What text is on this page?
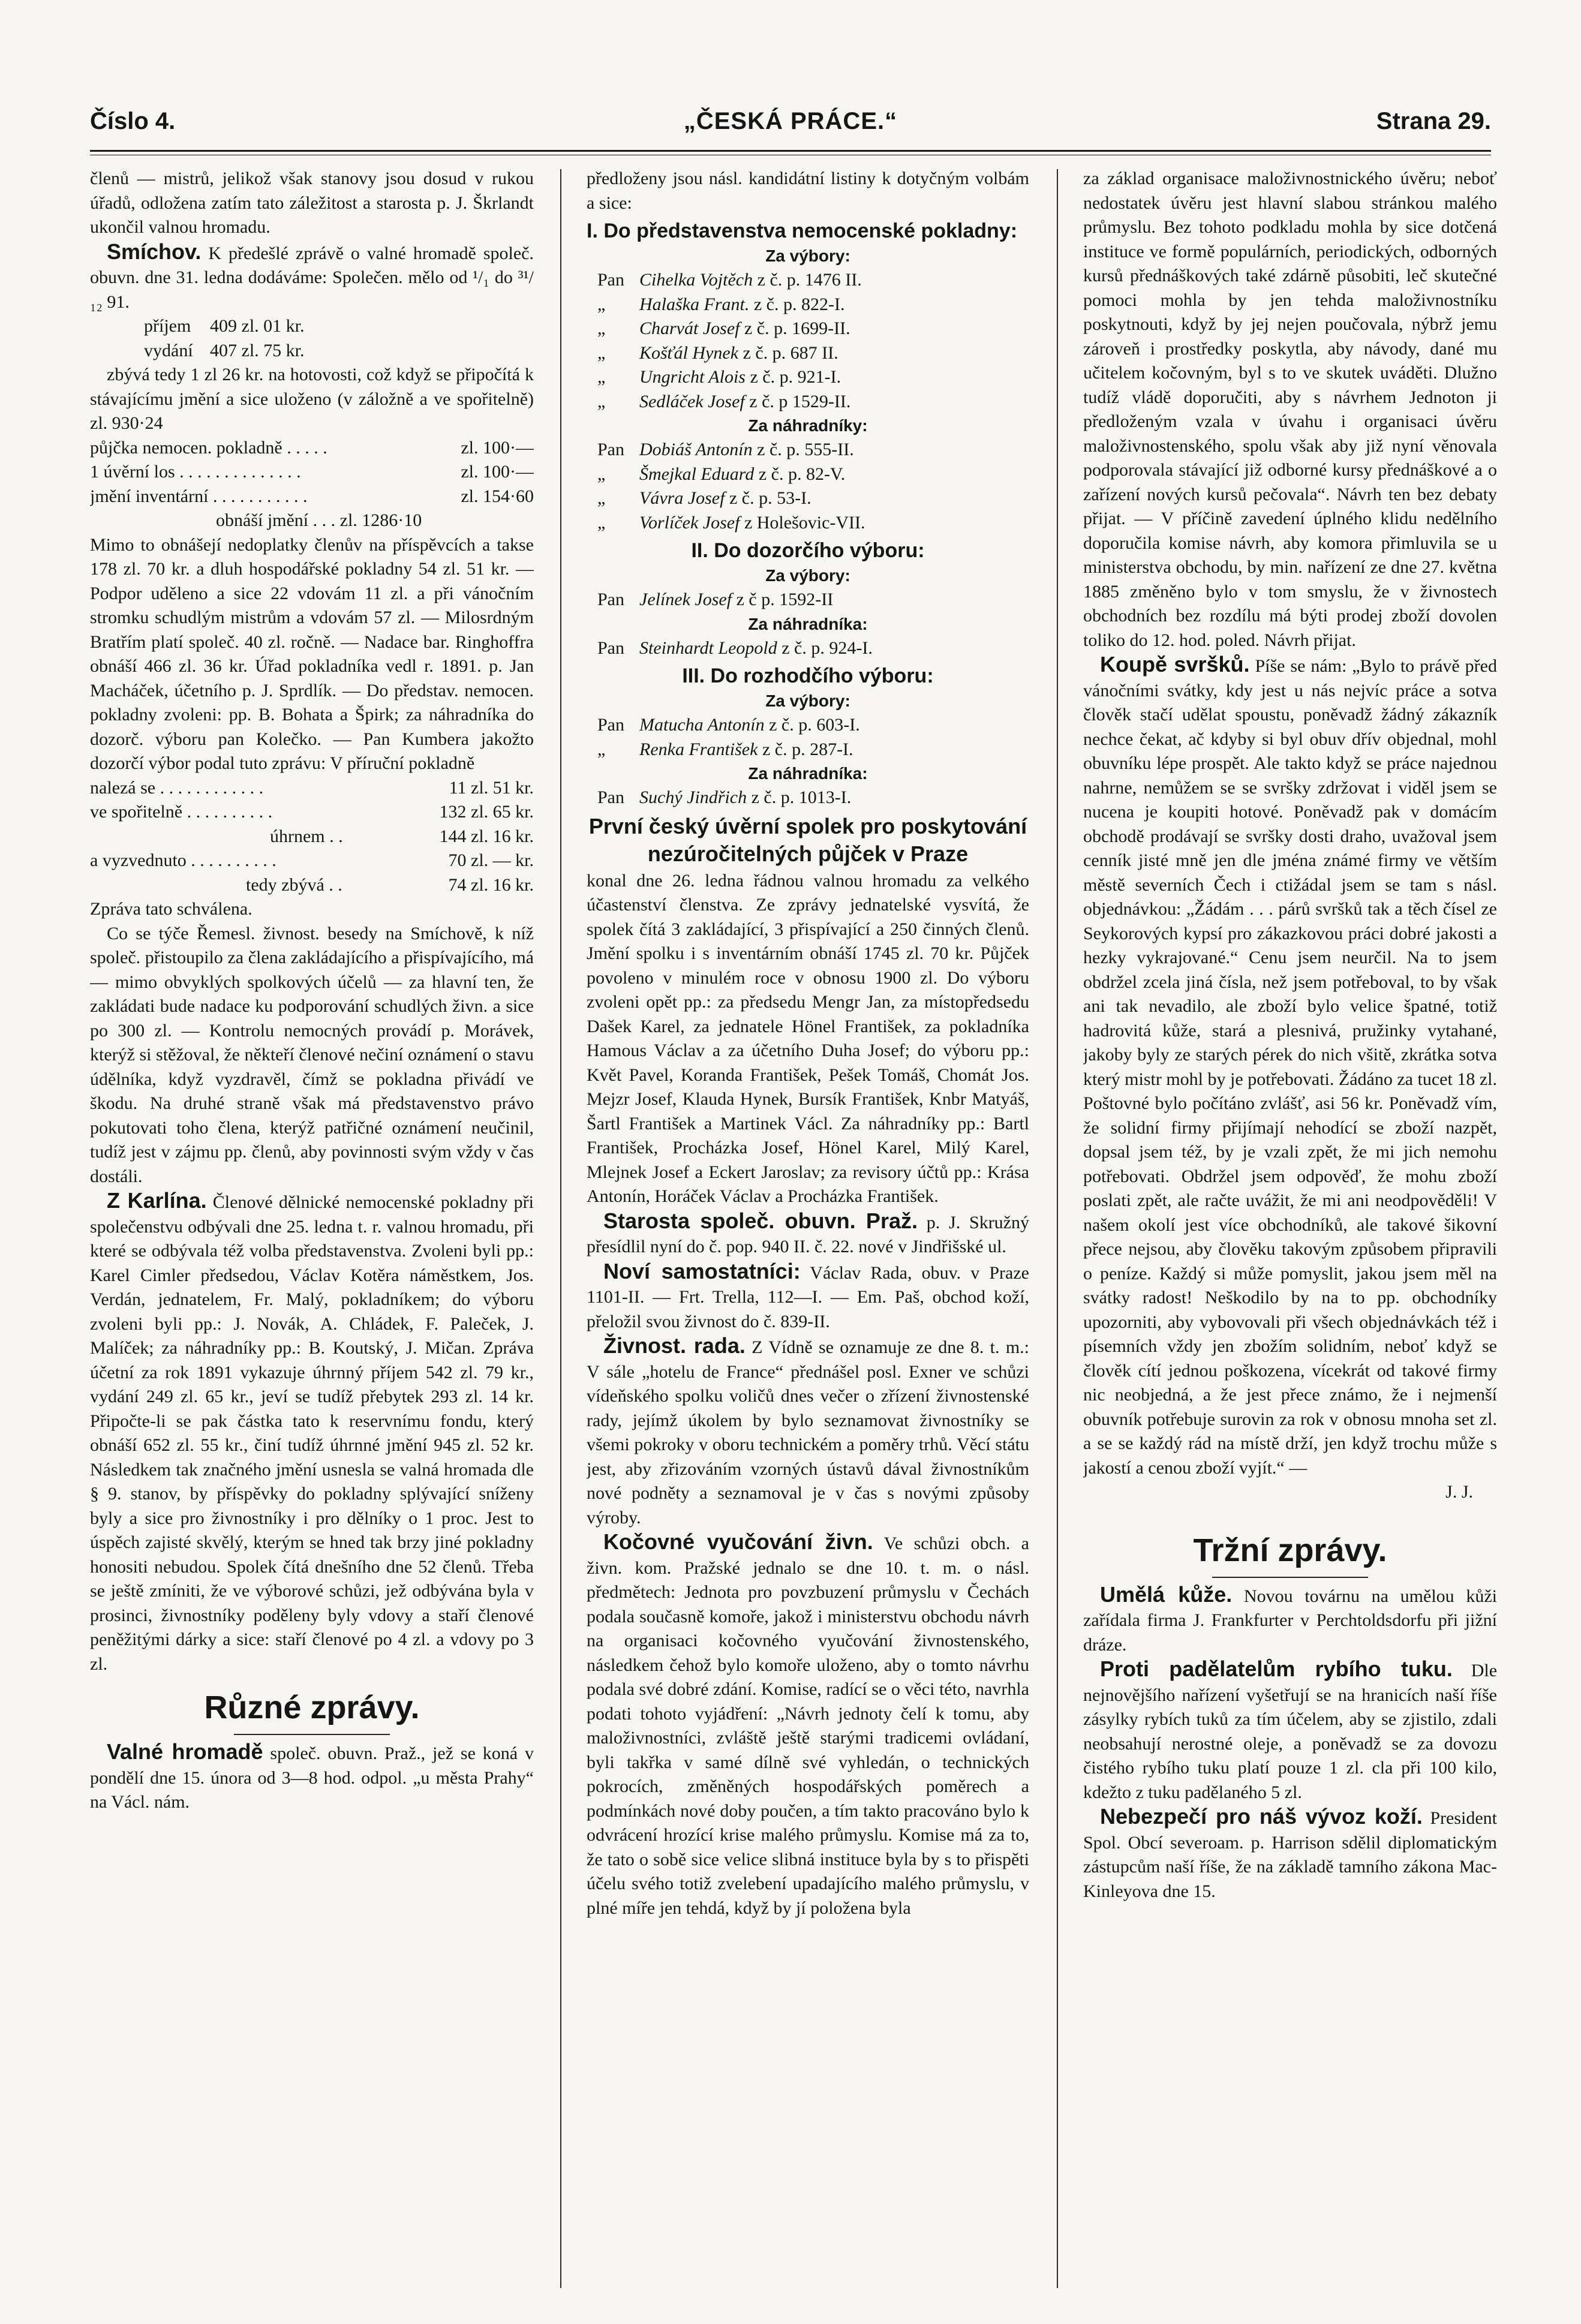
Číslo 4.	„ČESKÁ PRÁCE.“	Strana 29.

členů — mistrů, jelikož však stanovy jsou dosud v rukou úřadů, odložena zatím tato záležitost a starosta p. J. Škrlandt ukončil valnou hromadu.

Smíchov. K předešlé zprávě o valné hromadě společ. obuvn. dne 31. ledna dodáváme: Společen. mělo od ¹/₁ do ³¹/₁₂ 91.

příjem	409 zl. 01 kr.
vydání 407 zl. 75 kr.

zbývá tedy 1 zl 26 kr. na hotovosti, což když se připočítá k stávajícímu jmění a sice uloženo (v záložně a ve spořitelně) zl. 930·24

půjčka nemocen. pokladně . . . . .	zl. 100·—
1 úvěrní los . . . . . . . . . . . . . .	zl. 100·—
jmění inventární . . . . . . . . . . .	zl. 154·60
obnáší jmění . . . zl. 1286·10

Mimo to obnášejí nedoplatky členův na příspěvcích a takse 178 zl. 70 kr. a dluh hospodářské pokladny 54 zl. 51 kr. — Podpor uděleno a sice 22 vdovám 11 zl. a při vánočním stromku schudlým mistrům a vdovám 57 zl. — Milosrdným Bratřím platí společ. 40 zl. ročně. — Nadace bar. Ringhoffra obnáší 466 zl. 36 kr. Úřad pokladníka vedl r. 1891. p. Jan Macháček, účetního p. J. Sprdlík. — Do představ. nemocen. pokladny zvoleni: pp. B. Bohata a Špirk; za náhradníka do dozorč. výboru pan Kolečko. — Pan Kumbera jakožto dozorčí výbor podal tuto zprávu: V příruční pokladně

nalezá se . . . . . . . . . . . .	11 zl. 51 kr.
ve spořitelně . . . . . . . . . .	132 zl. 65 kr.
úhrnem . .	144 zl. 16 kr.
a vyzvednuto . . . . . . . . . .	70 zl. — kr.
tedy zbývá . .	74 zl. 16 kr.

Zpráva tato schválena.

Co se týče Řemesl. živnost. besedy na Smíchově, k níž společ. přistoupilo za člena zakládajícího a přispívajícího, má — mimo obvyklých spolkových účelů — za hlavní ten, že zakládati bude nadace ku podporování schudlých živn. a sice po 300 zl. — Kontrolu nemocných provádí p. Morávek, kterýž si stěžoval, že někteří členové nečiní oznámení o stavu údělníka, když vyzdravěl, čímž se pokladna přivádí ve škodu. Na druhé straně však má představenstvo právo pokutovati toho člena, kterýž patřičné oznámení neučinil, tudíž jest v zájmu pp. členů, aby povinnosti svým vždy v čas dostáli.

Z Karlína. Členové dělnické nemocenské pokladny při společenstvu odbývali dne 25. ledna t. r. valnou hromadu, při které se odbývala též volba představenstva. Zvoleni byli pp.: Karel Cimler předsedou, Václav Kotěra náměstkem, Jos. Verdán, jednatelem, Fr. Malý, pokladníkem; do výboru zvoleni byli pp.: J. Novák, A. Chládek, F. Paleček, J. Malíček; za náhradníky pp.: B. Koutský, J. Mičan. Zpráva účetní za rok 1891 vykazuje úhrnný příjem 542 zl. 79 kr., vydání 249 zl. 65 kr., jeví se tudíž přebytek 293 zl. 14 kr. Připočte-li se pak částka tato k reservnímu fondu, který obnáší 652 zl. 55 kr., činí tudíž úhrnné jmění 945 zl. 52 kr. Následkem tak značného jmění usnesla se valná hromada dle § 9. stanov, by příspěvky do pokladny splývající sníženy byly a sice pro živnostníky i pro dělníky o 1 proc. Jest to úspěch zajisté skvělý, kterým se hned tak brzy jiné pokladny honositi nebudou. Spolek čítá dnešního dne 52 členů. Třeba se ještě zmíniti, že ve výborové schůzi, jež odbývána byla v prosinci, živnostníky poděleny byly vdovy a staří členové peněžitými dárky a sice: staří členové po 4 zl. a vdovy po 3 zl.

Různé zprávy.

Valné hromadě společ. obuvn. Praž., jež se koná v pondělí dne 15. února od 3—8 hod. odpol. „u města Prahy“ na Václ. nám.

předloženy jsou násl. kandidátní listiny k dotyčným volbám a sice:

I. Do představenstva nemocenské pokladny:
Za výbory:
Pan Cihelka Vojtěch z č. p. 1476 II.
„ Halaška Frant. z č. p. 822-I.
„ Charvát Josef z č. p. 1699-II.
„ Košťál Hynek z č. p. 687 II.
„ Ungricht Alois z č. p. 921-I.
„ Sedláček Josef z č. p 1529-II.
Za náhradníky:
Pan Dobiáš Antonín z č. p. 555-II.
„ Šmejkal Eduard z č. p. 82-V.
„ Vávra Josef z č. p. 53-I.
„ Vorlíček Josef z Holešovic-VII.
II. Do dozorčího výboru:
Za výbory:
Pan Jelínek Josef z č p. 1592-II
Za náhradníka:
Pan Steinhardt Leopold z č. p. 924-I.
III. Do rozhodčího výboru:
Za výbory:
Pan Matucha Antonín z č. p. 603-I.
„ Renka František z č. p. 287-I.
Za náhradníka:
Pan Suchý Jindřich z č. p. 1013-I.
První český úvěrní spolek pro poskytování nezúročitelných půjček v Praze

konal dne 26. ledna řádnou valnou hromadu za velkého účastenství členstva. Ze zprávy jednatelské vysvítá, že spolek čítá 3 zakládající, 3 přispívající a 250 činných členů. Jmění spolku i s inventárním obnáší 1745 zl. 70 kr. Půjček povoleno v minulém roce v obnosu 1900 zl. Do výboru zvoleni opět pp.: za předsedu Mengr Jan, za místopředsedu Dašek Karel, za jednatele Hönel František, za pokladníka Hamous Václav a za účetního Duha Josef; do výboru pp.: Květ Pavel, Koranda František, Pešek Tomáš, Chomát Jos. Mejzr Josef, Klauda Hynek, Bursík František, Knbr Matyáš, Šartl František a Martinek Václ. Za náhradníky pp.: Bartl František, Procházka Josef, Hönel Karel, Milý Karel, Mlejnek Josef a Eckert Jaroslav; za revisory účtů pp.: Krása Antonín, Horáček Václav a Procházka František.

Starosta společ. obuvn. Praž. p. J. Skružný přesídlil nyní do č. pop. 940 II. č. 22. nové v Jindřišské ul.

Noví samostatníci: Václav Rada, obuv. v Praze 1101-II. — Frt. Trella, 112—I. — Em. Paš, obchod koží, přeložil svou živnost do č. 839-II.

Živnost. rada. Z Vídně se oznamuje ze dne 8. t. m.: V sále „hotelu de France“ přednášel posl. Exner ve schůzi vídeňského spolku voličů dnes večer o zřízení živnostenské rady, jejímž úkolem by bylo seznamovat živnostníky se všemi pokroky v oboru technickém a poměry trhů. Věcí státu jest, aby zřizováním vzorných ústavů dával živnostníkům nové podněty a seznamoval je v čas s novými způsoby výroby.

Kočovné vyučování živn. Ve schůzi obch. a živn. kom. Pražské jednalo se dne 10. t. m. o násl. předmětech: Jednota pro povzbuzení průmyslu v Čechách podala současně komoře, jakož i ministerstvu obchodu návrh na organisaci kočovného vyučování živnostenského, následkem čehož bylo komoře uloženo, aby o tomto návrhu podala své dobré zdání. Komise, radící se o věci této, navrhla podati tohoto vyjádření: „Návrh jednoty čelí k tomu, aby maloživnostníci, zvláště ještě starými tradicemi ovládaní, byli takřka v samé dílně své vyhledán, o technických pokrocích, změněných hospodářských poměrech a podmínkách nové doby poučen, a tím takto pracováno bylo k odvrácení hrozící krise malého průmyslu. Komise má za to, že tato o sobě sice velice slibná instituce byla by s to přispěti účelu svého totiž zvelebení upadajícího malého průmyslu, v plné míře jen tehdá, když by jí položena byla

za základ organisace maloživnostnického úvěru; neboť nedostatek úvěru jest hlavní slabou stránkou malého průmyslu. Bez tohoto podkladu mohla by sice dotčená instituce ve formě populárních, periodických, odborných kursů přednáškových také zdárně působiti, leč skutečné pomoci mohla by jen tehda maloživnostníku poskytnouti, když by jej nejen poučovala, nýbrž jemu zároveň i prostředky poskytla, aby návody, dané mu učitelem kočovným, byl s to ve skutek uváděti. Dlužno tudíž vládě doporučiti, aby s návrhem Jednoton ji předloženým vzala v úvahu i organisaci úvěru maloživnostenského, spolu však aby již nyní věnovala podporovala stávající již odborné kursy přednáškové a o zařízení nových kursů pečovala“. Návrh ten bez debaty přijat. — V příčině zavedení úplného klidu nedělního doporučila komise návrh, aby komora přimluvila se u ministerstva obchodu, by min. nařízení ze dne 27. května 1885 změněno bylo v tom smyslu, že v živnostech obchodních bez rozdílu má býti prodej zboží dovolen toliko do 12. hod. poled. Návrh přijat.

Koupě svršků. Píše se nám: „Bylo to právě před vánočními svátky, kdy jest u nás nejvíc práce a sotva člověk stačí udělat spoustu, poněvadž žádný zákazník nechce čekat, ač kdyby si byl obuv dřív objednal, mohl obuvníku lépe prospět. Ale takto když se práce najednou nahrne, nemůžem se se svršky zdržovat i viděl jsem se nucena je koupiti hotové. Poněvadž pak v domácím obchodě prodávají se svršky dosti draho, uvažoval jsem cenník jisté mně jen dle jména známé firmy ve větším městě severních Čech i ctižádal jsem se tam s násl. objednávkou: „Žádám . . . párů svršků tak a těch čísel ze Seykorových kypsí pro zákazkovou práci dobré jakosti a hezky vykrajované.“ Cenu jsem neurčil. Na to jsem obdržel zcela jiná čísla, než jsem potřeboval, to by však ani tak nevadilo, ale zboží bylo velice špatné, totiž hadrovitá kůže, stará a plesnivá, pružinky vytahané, jakoby byly ze starých pérek do nich všitě, zkrátka sotva který mistr mohl by je potřebovati. Žádáno za tucet 18 zl. Poštovné bylo počítáno zvlášť, asi 56 kr. Poněvadž vím, že solidní firmy přijímají nehodící se zboží nazpět, dopsal jsem též, by je vzali zpět, že mi jich nemohu potřebovati. Obdržel jsem odpověď, že mohu zboží poslati zpět, ale račte uvážit, že mi ani neodpověděli! V našem okolí jest více obchodníků, ale takové šikovní přece nejsou, aby člověku takovým způsobem připravili o peníze. Každý si může pomyslit, jakou jsem měl na svátky radost! Neškodilo by na to pp. obchodníky upozorniti, aby vybovovali při všech objednávkách též i písemních vždy jen zbožím solidním, neboť když se člověk cítí jednou poškozena, vícekrát od takové firmy nic neobjedná, a že jest přece známo, že i nejmenší obuvník potřebuje surovin za rok v obnosu mnoha set zl. a se se každý rád na místě drží, jen když trochu může s jakostí a cenou zboží vyjít.“ —

J. J.

Tržní zprávy.

Umělá kůže. Novou továrnu na umělou kůži zařídala firma J. Frankfurter v Perchtoldsdorfu při jižní dráze.

Proti padělatelům rybího tuku. Dle nejnovějšího nařízení vyšetřují se na hranicích naší říše zásylky rybích tuků za tím účelem, aby se zjistilo, zdali neobsahují nerostné oleje, a poněvadž se za dovozu čistého rybího tuku platí pouze 1 zl. cla při 100 kilo, kdežto z tuku padělaného 5 zl.

Nebezpečí pro náš vývoz koží. President Spol. Obcí severoam. p. Harrison sdělil diplomatickým zástupcům naší říše, že na základě tamního zákona Mac-Kinleyova dne 15.
